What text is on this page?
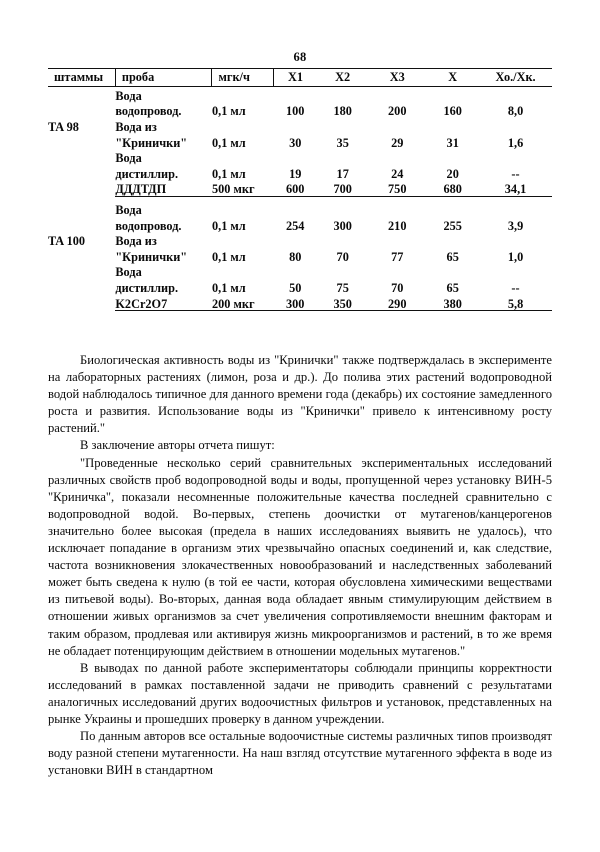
68
штаммы	проба	мгк/ч	X1	X2	X3	X	Хо./Хк.
	Вода						
	водопровод.	0,1 мл	100	180	200	160	8,0
TA 98	Вода из						
	"Кринички"	0,1 мл	30	35	29	31	1,6
	Вода						
	дистиллир.	0,1 мл	19	17	24	20	--
	ДДДТДП	500 мкг	600	700	750	680	34,1

	Вода						
	водопровод.	0,1 мл	254	300	210	255	3,9
TA 100	Вода из						
	"Кринички"	0,1 мл	80	70	77	65	1,0
	Вода						
	дистиллир.	0,1 мл	50	75	70	65	--
	K2Cr2O7	200 мкг	300	350	290	380	5,8

Биологическая активность воды из "Кринички" также подтверждалась в эксперименте на лабораторных растениях (лимон, роза и др.). До полива этих растений водопроводной водой наблюдалось типичное для данного времени года (декабрь) их состояние замедленного роста и развития. Использование воды из "Кринички" привело к интенсивному росту растений."

В заключение авторы отчета пишут:

"Проведенные несколько серий сравнительных экспериментальных исследований различных свойств проб водопроводной воды и воды, пропущенной через установку ВИН-5 "Криничка", показали несомненные положительные качества последней сравнительно с водопроводной водой. Во-первых, степень доочистки от мутагенов/канцерогенов значительно более высокая (предела в наших исследованиях выявить не удалось), что исключает попадание в организм этих чрезвычайно опасных соединений и, как следствие, частота возникновения злокачественных новообразований и наследственных заболеваний может быть сведена к нулю (в той ее части, которая обусловлена химическими веществами из питьевой воды). Во-вторых, данная вода обладает явным стимулирующим действием в отношении живых организмов за счет увеличения сопротивляемости внешним факторам и таким образом, продлевая или активируя жизнь микроорганизмов и растений, в то же время не обладает потенцирующим действием в отношении модельных мутагенов."

В выводах по данной работе экспериментаторы соблюдали принципы корректности исследований в рамках поставленной задачи не приводить сравнений с результатами аналогичных исследований других водоочистных фильтров и установок, представленных на рынке Украины и прошедших проверку в данном учреждении.

По данным авторов все остальные водоочистные системы различных типов производят воду разной степени мутагенности. На наш взгляд отсутствие мутагенного эффекта в воде из установки ВИН в стандартном
